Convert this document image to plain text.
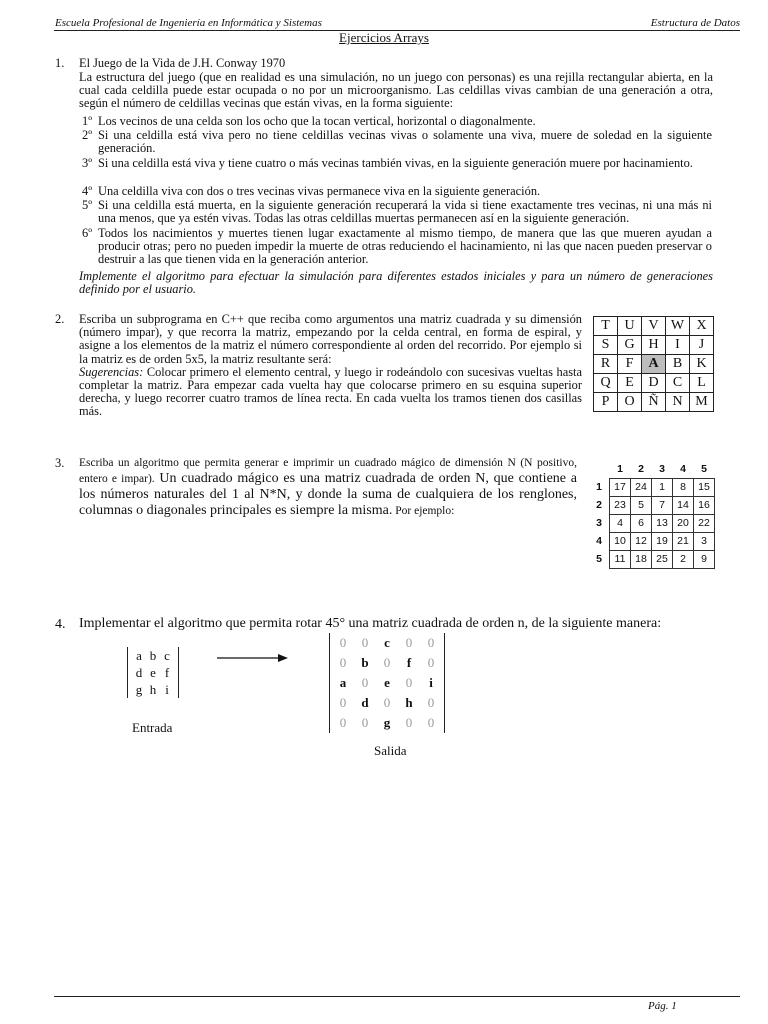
Escuela Profesional de Ingeniería en Informática y Sistemas	Estructura de Datos
Ejercicios Arrays
1. El Juego de la Vida de J.H. Conway 1970
La estructura del juego (que en realidad es una simulación, no un juego con personas) es una rejilla rectangular abierta, en la cual cada celdilla puede estar ocupada o no por un microorganismo. Las celdillas vivas cambian de una generación a otra, según el número de celdillas vecinas que están vivas, en la forma siguiente:
1º Los vecinos de una celda son los ocho que la tocan vertical, horizontal o diagonalmente.
2º Si una celdilla está viva pero no tiene celdillas vecinas vivas o solamente una viva, muere de soledad en la siguiente generación.
3º Si una celdilla está viva y tiene cuatro o más vecinas también vivas, en la siguiente generación muere por hacinamiento.
4º Una celdilla viva con dos o tres vecinas vivas permanece viva en la siguiente generación.
5º Si una celdilla está muerta, en la siguiente generación recuperará la vida si tiene exactamente tres vecinas, ni una más ni una menos, que ya estén vivas. Todas las otras celdillas muertas permanecen así en la siguiente generación.
6º Todos los nacimientos y muertes tienen lugar exactamente al mismo tiempo, de manera que las que mueren ayudan a producir otras; pero no pueden impedir la muerte de otras reduciendo el hacinamiento, ni las que nacen pueden preservar o destruir a las que tienen vida en la generación anterior.
Implemente el algoritmo para efectuar la simulación para diferentes estados iniciales y para un número de generaciones definido por el usuario.
2. Escriba un subprograma en C++ que reciba como argumentos una matriz cuadrada y su dimensión (número impar), y que recorra la matriz, empezando por la celda central, en forma de espiral, y asigne a los elementos de la matriz el número correspondiente al orden del recorrido. Por ejemplo si la matriz es de orden 5x5, la matriz resultante será:
Sugerencias: Colocar primero el elemento central, y luego ir rodeándolo con sucesivas vueltas hasta completar la matriz. Para empezar cada vuelta hay que colocarse primero en su esquina superior derecha, y luego recorrer cuatro tramos de línea recta. En cada vuelta los tramos tienen dos casillas más.
T	U	V	W	X
S	G	H	I	J
R	F	A	B	K
Q	E	D	C	L
P	O	Ñ	N	M
3. Escriba un algoritmo que permita generar e imprimir un cuadrado mágico de dimensión N (N positivo, entero e impar). Un cuadrado mágico es una matriz cuadrada de orden N, que contiene a los números naturales del 1 al N*N, y donde la suma de cualquiera de los renglones, columnas o diagonales principales es siempre la misma. Por ejemplo:
	1	2	3	4	5
1	17	24	1	8	15
2	23	5	7	14	16
3	4	6	13	20	22
4	10	12	19	21	3
5	11	18	25	2	9
4. Implementar el algoritmo que permita rotar 45° una matriz cuadrada de orden n, de la siguiente manera:
a	b	c
d	e	f
g	h	i
Entrada
0	0	c	0	0
0	b	0	f	0
a	0	e	0	i
0	d	0	h	0
0	0	g	0	0
Salida
Pág. 1
